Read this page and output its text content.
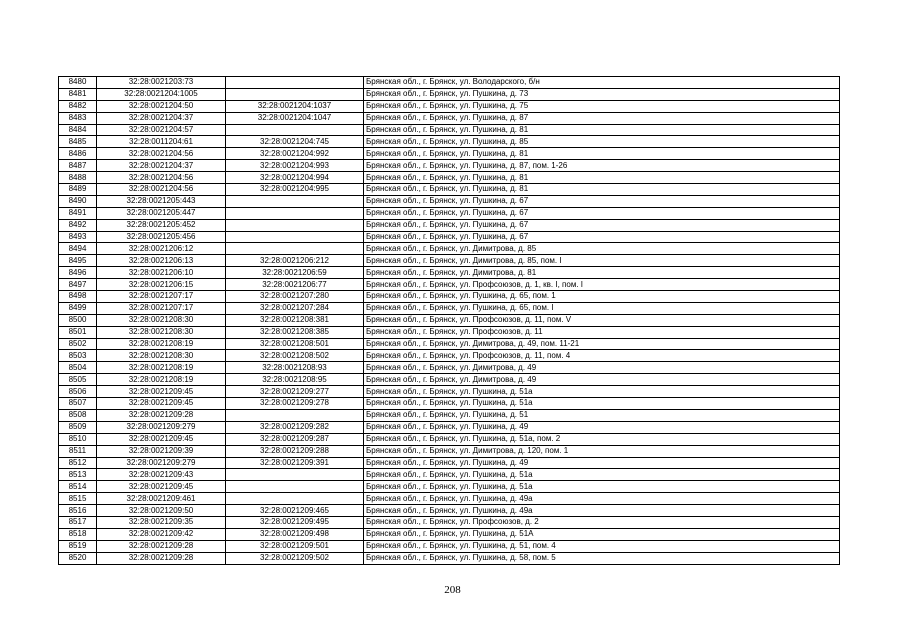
8480	32:28:0021203:73		Брянская обл., г. Брянск, ул. Володарского, б/н
8481	32:28:0021204:1005		Брянская обл., г. Брянск, ул. Пушкина, д. 73
8482	32:28:0021204:50	32:28:0021204:1037	Брянская обл., г. Брянск, ул. Пушкина, д. 75
8483	32:28:0021204:37	32:28:0021204:1047	Брянская обл., г. Брянск, ул. Пушкина, д. 87
8484	32:28:0021204:57		Брянская обл., г. Брянск, ул. Пушкина, д. 81
8485	32:28:0011204:61	32:28:0021204:745	Брянская обл., г. Брянск, ул. Пушкина, д. 85
8486	32:28:0021204:56	32:28:0021204:992	Брянская обл., г. Брянск, ул. Пушкина, д. 81
8487	32:28:0021204:37	32:28:0021204:993	Брянская обл., г. Брянск, ул. Пушкина, д. 87, пом. 1-26
8488	32:28:0021204:56	32:28:0021204:994	Брянская обл., г. Брянск, ул. Пушкина, д. 81
8489	32:28:0021204:56	32:28:0021204:995	Брянская обл., г. Брянск, ул. Пушкина, д. 81
8490	32:28:0021205:443		Брянская обл., г. Брянск, ул. Пушкина, д. 67
8491	32:28:0021205:447		Брянская обл., г. Брянск, ул. Пушкина, д. 67
8492	32:28:0021205:452		Брянская обл., г. Брянск, ул. Пушкина, д. 67
8493	32:28:0021205:456		Брянская обл., г. Брянск, ул. Пушкина, д. 67
8494	32:28:0021206:12		Брянская обл., г. Брянск, ул. Димитрова, д. 85
8495	32:28:0021206:13	32:28:0021206:212	Брянская обл., г. Брянск, ул. Димитрова, д. 85, пом. I
8496	32:28:0021206:10	32:28:0021206:59	Брянская обл., г. Брянск, ул. Димитрова, д. 81
8497	32:28:0021206:15	32:28:0021206:77	Брянская обл., г. Брянск, ул. Профсоюзов, д. 1, кв. I, пом. I
8498	32:28:0021207:17	32:28:0021207:280	Брянская обл., г. Брянск, ул. Пушкина, д. 65, пом. 1
8499	32:28:0021207:17	32:28:0021207:284	Брянская обл., г. Брянск, ул. Пушкина, д. 65, пом. I
8500	32:28:0021208:30	32:28:0021208:381	Брянская обл., г. Брянск, ул. Профсоюзов, д. 11, пом. V
8501	32:28:0021208:30	32:28:0021208:385	Брянская обл., г. Брянск, ул. Профсоюзов, д. 11
8502	32:28:0021208:19	32:28:0021208:501	Брянская обл., г. Брянск, ул. Димитрова, д. 49, пом. 11-21
8503	32:28:0021208:30	32:28:0021208:502	Брянская обл., г. Брянск, ул. Профсоюзов, д. 11, пом. 4
8504	32:28:0021208:19	32:28:0021208:93	Брянская обл., г. Брянск, ул. Димитрова, д. 49
8505	32:28:0021208:19	32:28:0021208:95	Брянская обл., г. Брянск, ул. Димитрова, д. 49
8506	32:28:0021209:45	32:28:0021209:277	Брянская обл., г. Брянск, ул. Пушкина, д. 51а
8507	32:28:0021209:45	32:28:0021209:278	Брянская обл., г. Брянск, ул. Пушкина, д. 51а
8508	32:28:0021209:28		Брянская обл., г. Брянск, ул. Пушкина, д. 51
8509	32:28:0021209:279	32:28:0021209:282	Брянская обл., г. Брянск, ул. Пушкина, д. 49
8510	32:28:0021209:45	32:28:0021209:287	Брянская обл., г. Брянск, ул. Пушкина, д. 51а, пом. 2
8511	32:28:0021209:39	32:28:0021209:288	Брянская обл., г. Брянск, ул. Димитрова, д. 120, пом. 1
8512	32:28:0021209:279	32:28:0021209:391	Брянская обл., г. Брянск, ул. Пушкина, д. 49
8513	32:28:0021209:43		Брянская обл., г. Брянск, ул. Пушкина, д. 51а
8514	32:28:0021209:45		Брянская обл., г. Брянск, ул. Пушкина, д. 51а
8515	32:28:0021209:461		Брянская обл., г. Брянск, ул. Пушкина, д. 49а
8516	32:28:0021209:50	32:28:0021209:465	Брянская обл., г. Брянск, ул. Пушкина, д. 49а
8517	32:28:0021209:35	32:28:0021209:495	Брянская обл., г. Брянск, ул. Профсоюзов, д. 2
8518	32:28:0021209:42	32:28:0021209:498	Брянская обл., г. Брянск, ул. Пушкина, д. 51А
8519	32:28:0021209:28	32:28:0021209:501	Брянская обл., г. Брянск, ул. Пушкина, д. 51, пом. 4
8520	32:28:0021209:28	32:28:0021209:502	Брянская обл., г. Брянск, ул. Пушкина, д. 58, пом. 5
208
